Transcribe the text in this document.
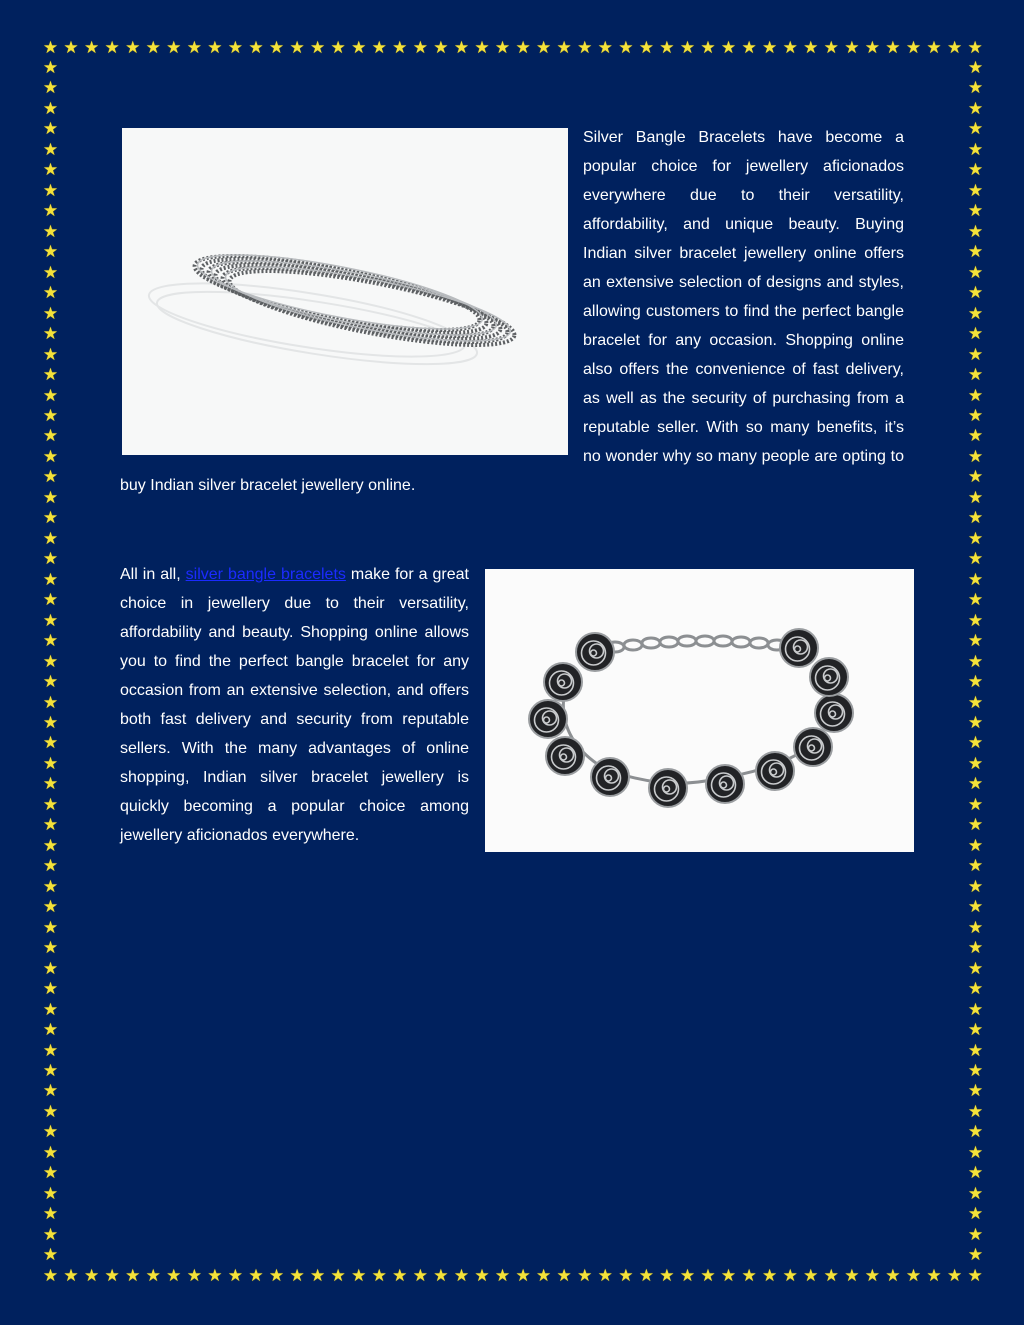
★ ★ ★ ★ ★ ★ ★ ★ ★ ★ ★ ★ ★ ★ ★ ★ ★ ★ ★ ★ ★ ★ ★ ★ ★ ★ ★ ★ ★ ★ ★ ★ ★ ★ ★ ★ ★ ★ ★ ★ ★ ★ ★ ★ ★ ★
★ ★ ★ ★ ★ ★ ★ ★ ★ ★ ★ ★ ★ ★ ★ ★ ★ ★ ★ ★ ★ ★ ★ ★ ★ ★ ★ ★ ★ ★ ★ ★ ★ ★ ★ ★ ★ ★ ★ ★ ★ ★ ★ ★ ★ ★
★
★
★
★
★
★
★
★
★
★
★
★
★
★
★
★
★
★
★
★
★
★
★
★
★
★
★
★
★
★
★
★
★
★
★
★
★
★
★
★
★
★
★
★
★
★
★
★
★
★
★
★
★
★
★
★
★
★
★
★
★
★
★
★
★
★
★
★
★
★
★
★
★
★
★
★
★
★
★
★
★
★
★
★
★
★
★
★
★
★
★
★
★
★
★
★
★
★
★
★
★
★
★
★
★
★
★
★
★
★
★
★
★
★
★
★
★
★
Silver Bangle Bracelets have become a popular choice for jewellery aficionados everywhere due to their versatility, affordability, and unique beauty. Buying Indian silver bracelet jewellery online offers an extensive selection of designs and styles, allowing customers to find the perfect bangle bracelet for any occasion. Shopping online also offers the convenience of fast delivery, as well as the security of purchasing from a reputable seller. With so many benefits, it’s no wonder why so many people are opting to buy Indian silver bracelet jewellery online.
All in all, silver bangle bracelets make for a great choice in jewellery due to their versatility, affordability and beauty. Shopping online allows you to find the perfect bangle bracelet for any occasion from an extensive selection, and offers both fast delivery and security from reputable sellers. With the many advantages of online shopping, Indian silver bracelet jewellery is quickly becoming a popular choice among jewellery aficionados everywhere.
